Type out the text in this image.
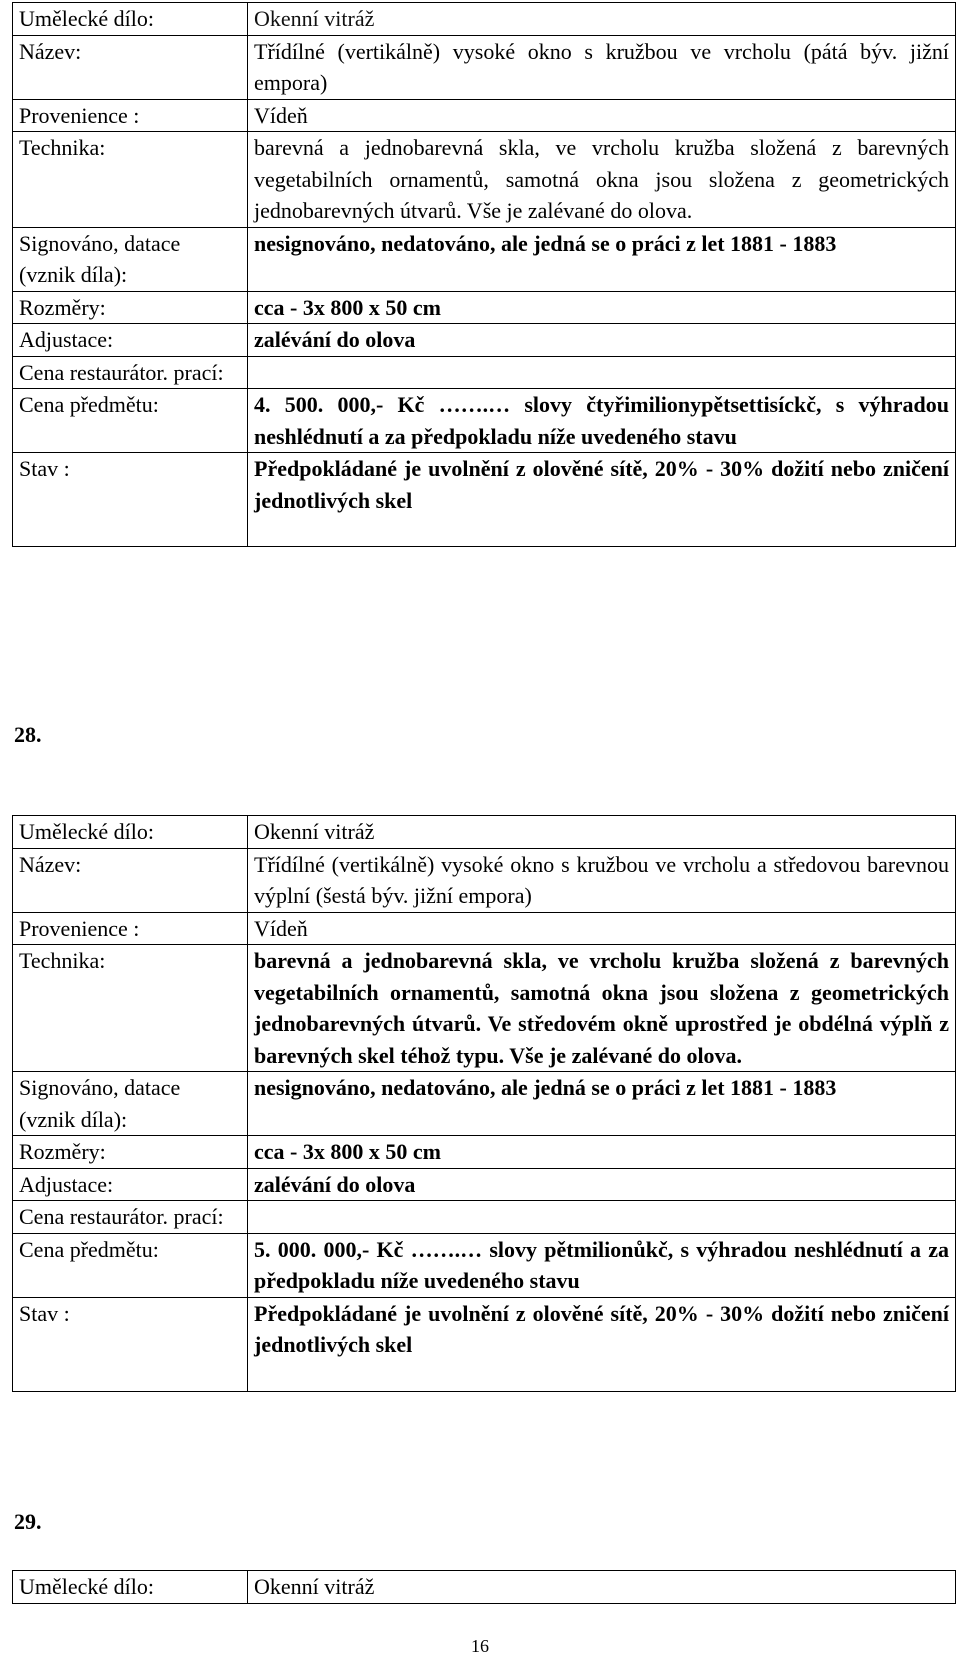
Umělecké dílo:	Okenní vitráž
Název:	Třídílné (vertikálně) vysoké okno s kružbou ve vrcholu (pátá býv. jižní empora)
Provenience :	Vídeň
Technika:	barevná a jednobarevná skla, ve vrcholu kružba složená z barevných vegetabilních ornamentů, samotná okna jsou složena z geometrických jednobarevných útvarů. Vše je zalévané do olova.
Signováno, datace (vznik díla):	nesignováno, nedatováno, ale jedná se o práci z let 1881 - 1883
Rozměry:	cca - 3x 800 x 50 cm
Adjustace:	zalévání do olova
Cena restaurátor. prací:	
Cena předmětu:	4. 500. 000,- Kč …….… slovy čtyřimilionypětsettisíckč, s výhradou neshlédnutí a za předpokladu níže uvedeného stavu
Stav :	Předpokládané je uvolnění z olověné sítě, 20% - 30% dožití nebo zničení jednotlivých skel
28.
Umělecké dílo:	Okenní vitráž
Název:	Třídílné (vertikálně) vysoké okno s kružbou ve vrcholu a středovou barevnou výplní (šestá býv. jižní empora)
Provenience :	Vídeň
Technika:	barevná a jednobarevná skla, ve vrcholu kružba složená z barevných vegetabilních ornamentů, samotná okna jsou složena z geometrických jednobarevných útvarů. Ve středovém okně uprostřed je obdélná výplň z barevných skel téhož typu. Vše je zalévané do olova.
Signováno, datace (vznik díla):	nesignováno, nedatováno, ale jedná se o práci z let 1881 - 1883
Rozměry:	cca - 3x 800 x 50 cm
Adjustace:	zalévání do olova
Cena restaurátor. prací:	
Cena předmětu:	5. 000. 000,- Kč …….… slovy pětmilionůkč, s výhradou neshlédnutí a za předpokladu níže uvedeného stavu
Stav :	Předpokládané je uvolnění z olověné sítě, 20% - 30% dožití nebo zničení jednotlivých skel
29.
Umělecké dílo:	Okenní vitráž
16
